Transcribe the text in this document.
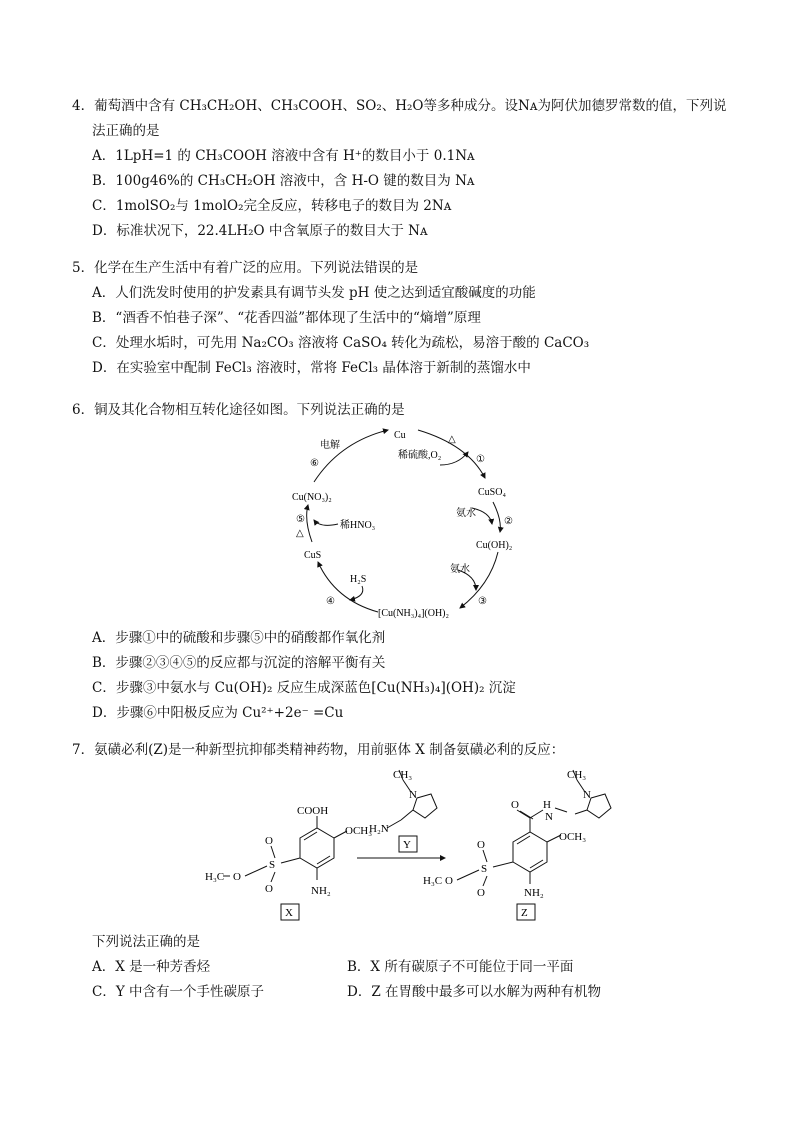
4．葡萄酒中含有 CH₃CH₂OH、CH₃COOH、SO₂、H₂O等多种成分。设Nᴀ为阿伏加德罗常数的值，下列说
法正确的是
A．1LpH=1 的 CH₃COOH 溶液中含有 H⁺的数目小于 0.1Nᴀ
B．100g46%的 CH₃CH₂OH 溶液中，含 H-O 键的数目为 Nᴀ
C．1molSO₂与 1molO₂完全反应，转移电子的数目为 2Nᴀ
D．标准状况下，22.4LH₂O 中含氧原子的数目大于 Nᴀ
5．化学在生产生活中有着广泛的应用。下列说法错误的是
A．人们洗发时使用的护发素具有调节头发 pH 使之达到适宜酸碱度的功能
B．“酒香不怕巷子深”、“花香四溢”都体现了生活中的“熵增”原理
C．处理水垢时，可先用 Na₂CO₃ 溶液将 CaSO₄ 转化为疏松，易溶于酸的 CaCO₃
D．在实验室中配制 FeCl₃ 溶液时，常将 FeCl₃ 晶体溶于新制的蒸馏水中
6．铜及其化合物相互转化途径如图。下列说法正确的是
Cu
CuSO₄
Cu(OH)₂
[Cu(NH₃)₄](OH)₂
CuS
Cu(NO₃)₂
稀硫酸,O₂
氨水
氨水
H₂S
稀HNO₃
电解
①
②
③
④
⑤
⑥
△
△
A．步骤①中的硫酸和步骤⑤中的硝酸都作氧化剂
B．步骤②③④⑤的反应都与沉淀的溶解平衡有关
C．步骤③中氨水与 Cu(OH)₂ 反应生成深蓝色[Cu(NH₃)₄](OH)₂ 沉淀
D．步骤⑥中阳极反应为 Cu²⁺+2e⁻ =Cu
7．氨磺必利(Z)是一种新型抗抑郁类精神药物，用前驱体 X 制备氨磺必利的反应：
COOH
OCH₃
NH₂
S
O
O
O
H₃C
X
CH₃
N
H₂N
Y
O H
N
CH₃
N
OCH₃
NH₂
S
O
O
O
H₃C
Z
下列说法正确的是
A．X 是一种芳香烃	B．X 所有碳原子不可能位于同一平面
C．Y 中含有一个手性碳原子	D．Z 在胃酸中最多可以水解为两种有机物
